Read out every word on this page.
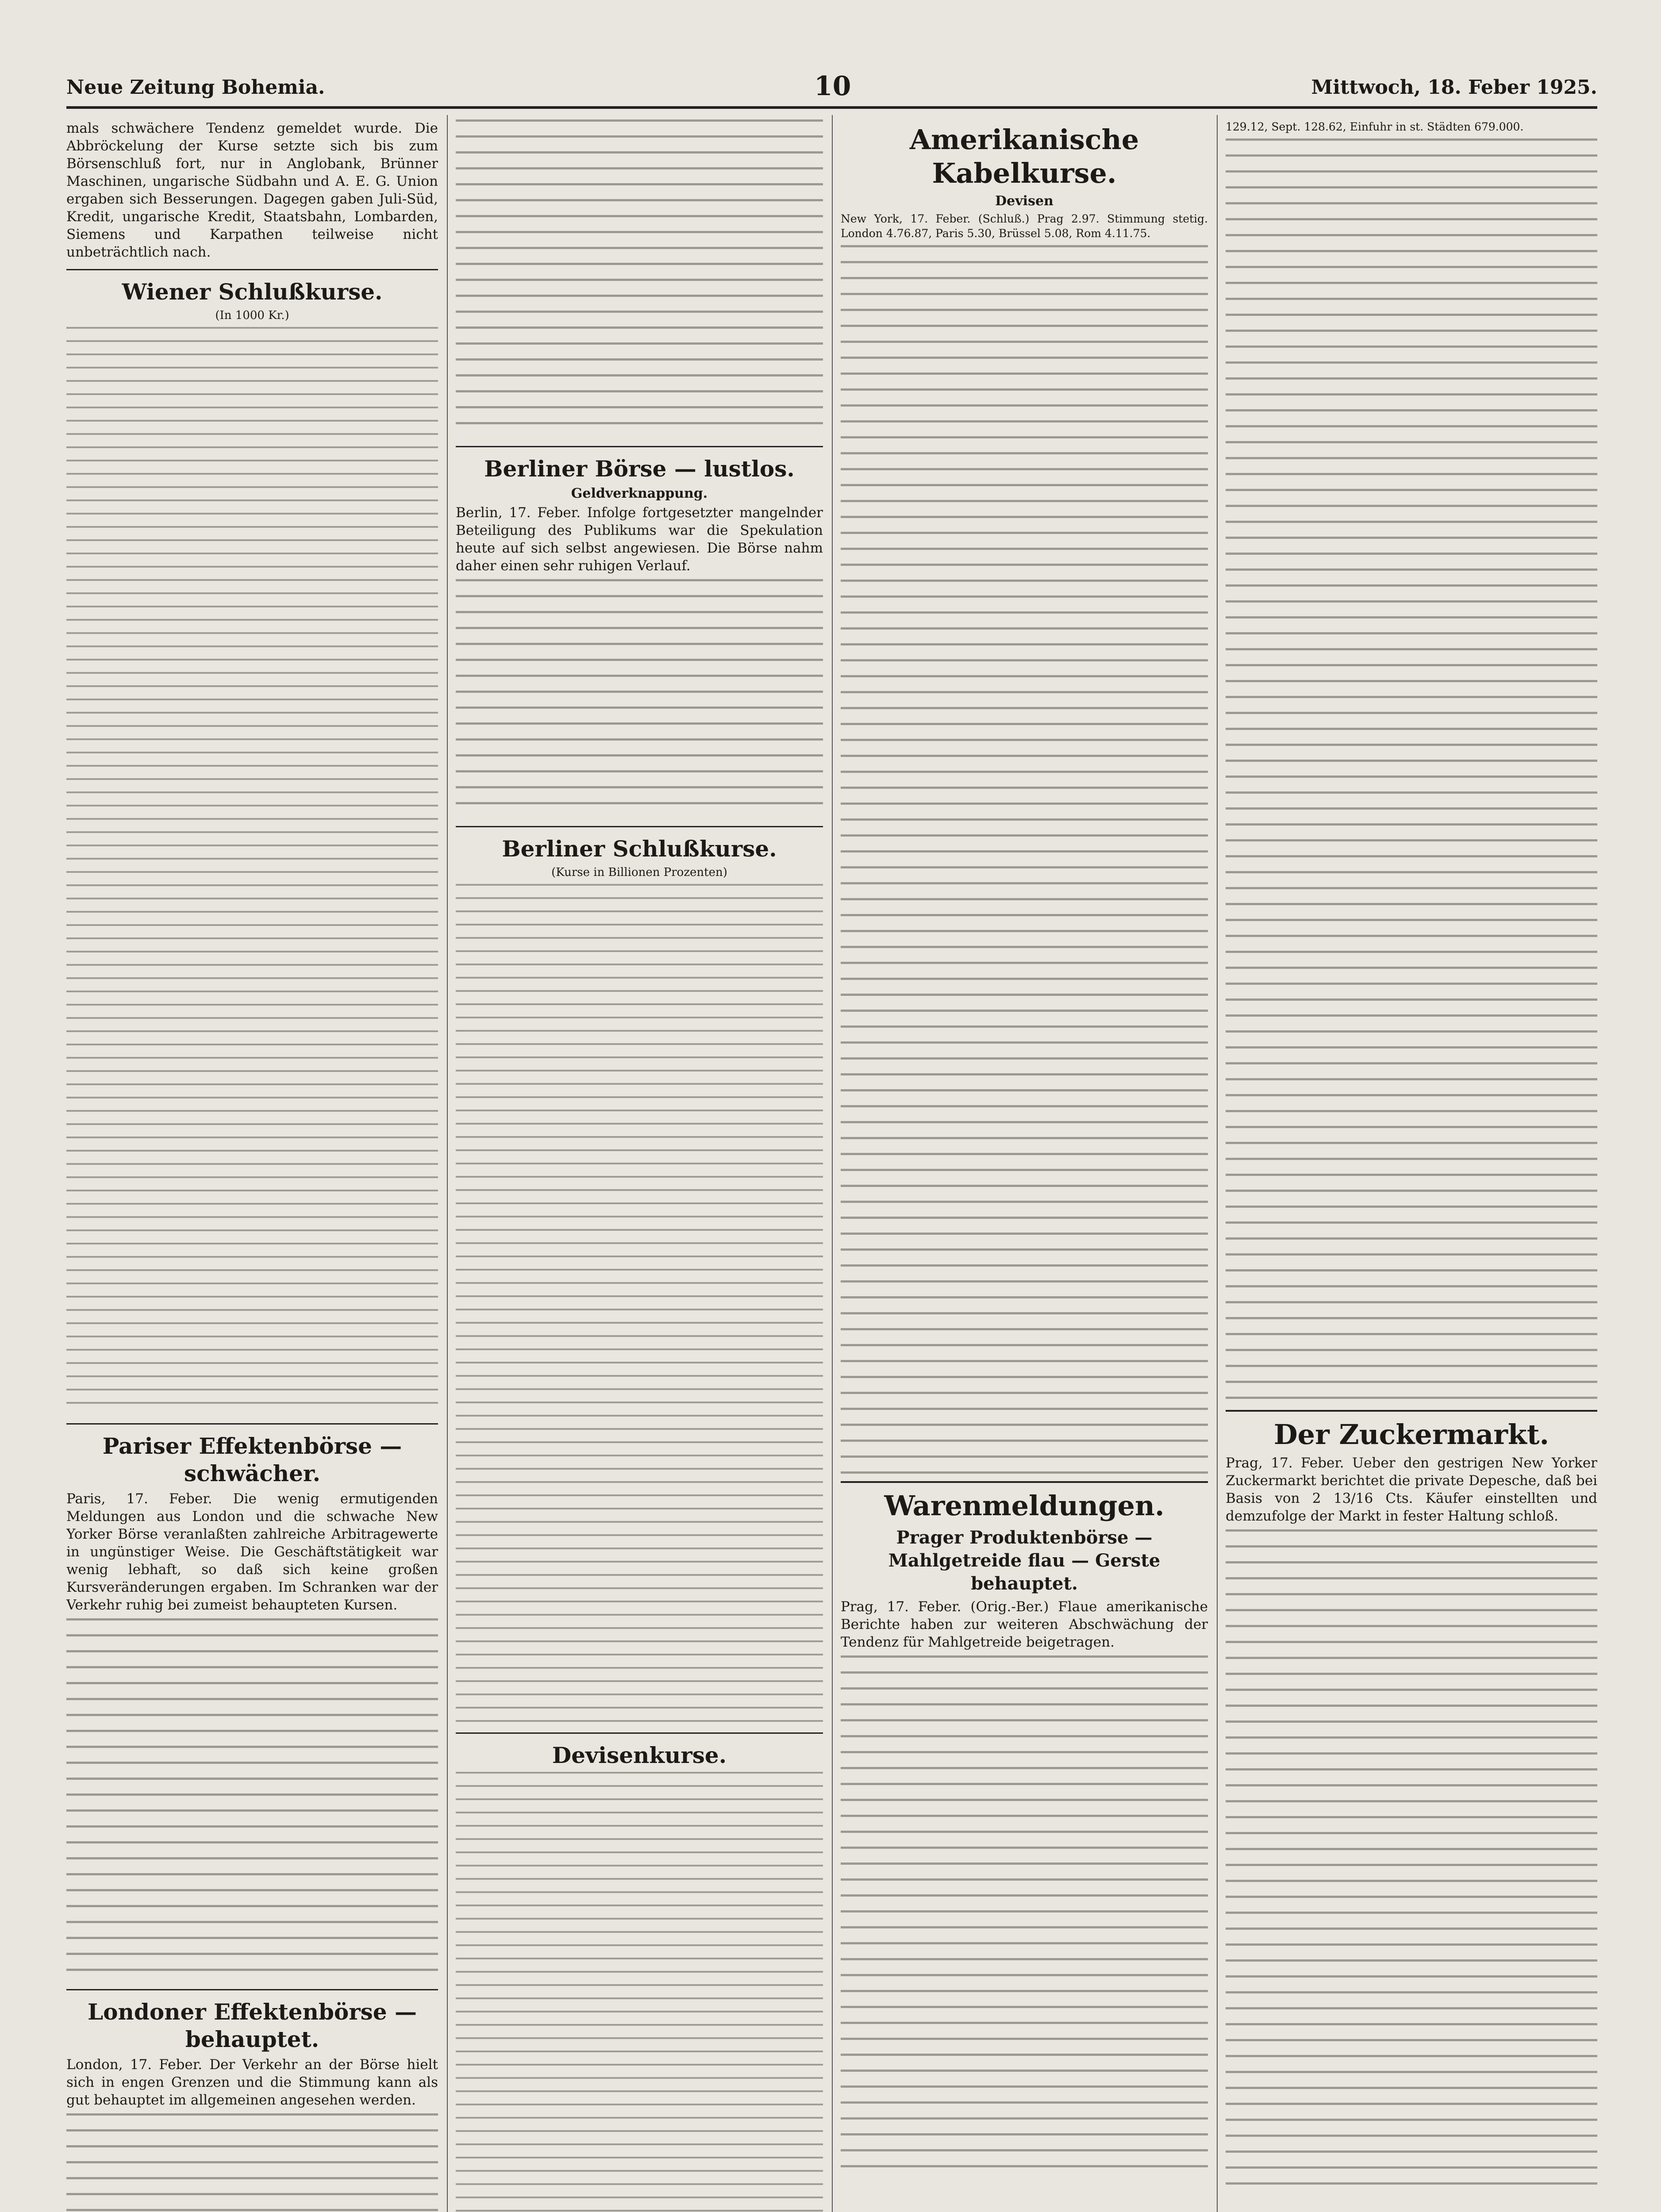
Neue Zeitung Bohemia.	10	Mittwoch, 18. Feber 1925.
mals schwächere Tendenz gemeldet wurde. Die Abbröckelung der Kurse setzte sich bis zum Börsenschluß fort, nur in Anglobank, Brünner Maschinen, ungarische Südbahn und A. E. G. Union ergaben sich Besserungen. Dagegen gaben Juli-Süd, Kredit, ungarische Kredit, Staatsbahn, Lombarden, Siemens und Karpathen teilweise nicht unbeträchtlich nach.
Wiener Schlußkurse.
(In 1000 Kr.)
Pariser Effektenbörse — schwächer.
Paris, 17. Feber. Die wenig ermutigenden Meldungen aus London und die schwache New Yorker Börse veranlaßten zahlreiche Arbitragewerte in ungünstiger Weise. Die Geschäftstätigkeit war wenig lebhaft, so daß sich keine großen Kursveränderungen ergaben. Im Schranken war der Verkehr ruhig bei zumeist behaupteten Kursen.
Londoner Effektenbörse — behauptet.
London, 17. Feber. Der Verkehr an der Börse hielt sich in engen Grenzen und die Stimmung kann als gut behauptet im allgemeinen angesehen werden.
Berliner Börse — lustlos.
Geldverknappung.
Berlin, 17. Feber. Infolge fortgesetzter mangelnder Beteiligung des Publikums war die Spekulation heute auf sich selbst angewiesen. Die Börse nahm daher einen sehr ruhigen Verlauf.
Berliner Schlußkurse.
(Kurse in Billionen Prozenten)
Devisenkurse.
Amerikanische Kabelkurse.
Devisen
New York, 17. Feber. (Schluß.) Prag 2.97. Stimmung stetig. London 4.76.87, Paris 5.30, Brüssel 5.08, Rom 4.11.75.
Warenmeldungen.
Prager Produktenbörse — Mahlgetreide flau — Gerste behauptet.
Prag, 17. Feber. (Orig.-Ber.) Flaue amerikanische Berichte haben zur weiteren Abschwächung der Tendenz für Mahlgetreide beigetragen.
129.12, Sept. 128.62, Einfuhr in st. Städten 679.000.
Der Zuckermarkt.
Prag, 17. Feber. Ueber den gestrigen New Yorker Zuckermarkt berichtet die private Depesche, daß bei Basis von 2 13/16 Cts. Käufer einstellten und demzufolge der Markt in fester Haltung schloß.
